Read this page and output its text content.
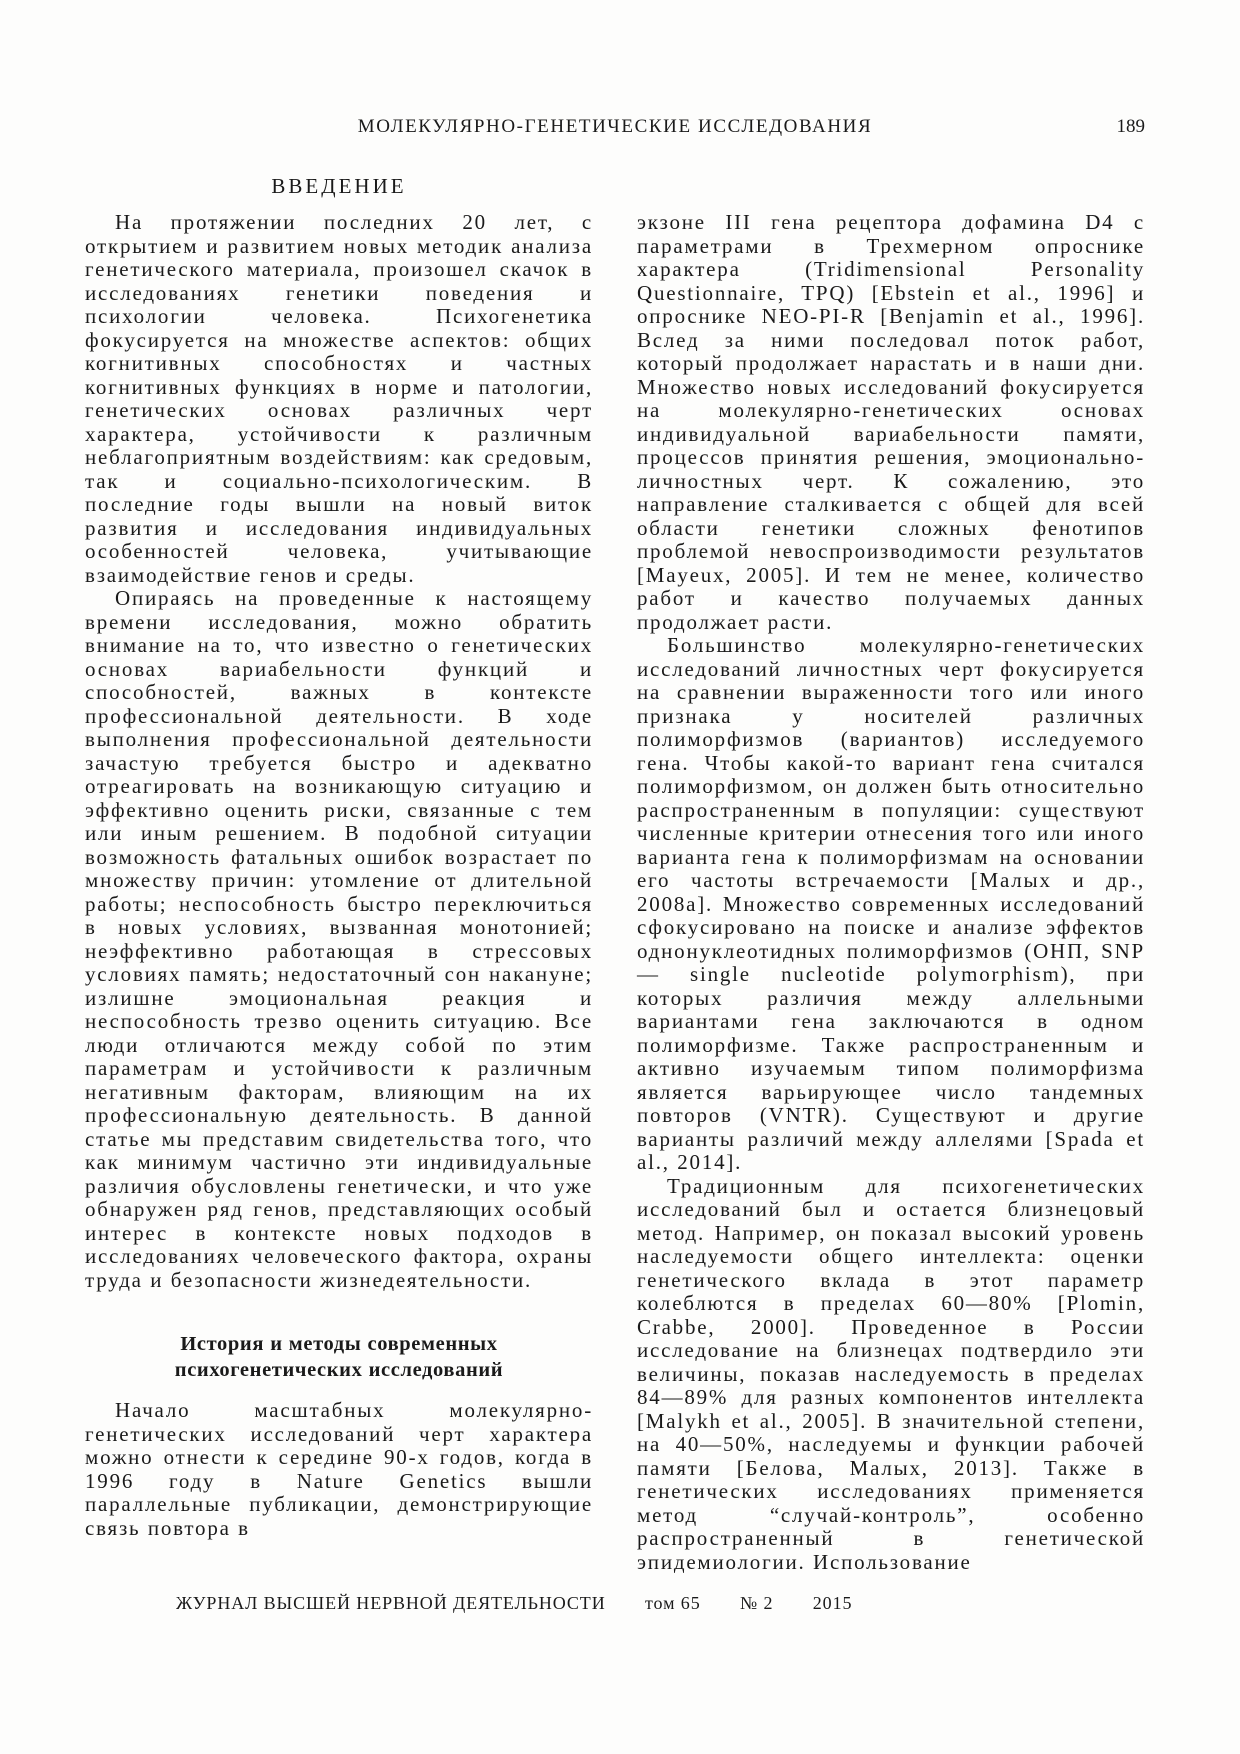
МОЛЕКУЛЯРНО-ГЕНЕТИЧЕСКИЕ ИССЛЕДОВАНИЯ	189
ВВЕДЕНИЕ

На протяжении последних 20 лет, с открытием и развитием новых методик анализа генетического материала, произошел скачок в исследованиях генетики поведения и психологии человека. Психогенетика фокусируется на множестве аспектов: общих когнитивных способностях и частных когнитивных функциях в норме и патологии, генетических основах различных черт характера, устойчивости к различным неблагоприятным воздействиям: как средовым, так и социально-психологическим. В последние годы вышли на новый виток развития и исследования индивидуальных особенностей человека, учитывающие взаимодействие генов и среды.

Опираясь на проведенные к настоящему времени исследования, можно обратить внимание на то, что известно о генетических основах вариабельности функций и способностей, важных в контексте профессиональной деятельности. В ходе выполнения профессиональной деятельности зачастую требуется быстро и адекватно отреагировать на возникающую ситуацию и эффективно оценить риски, связанные с тем или иным решением. В подобной ситуации возможность фатальных ошибок возрастает по множеству причин: утомление от длительной работы; неспособность быстро переключиться в новых условиях, вызванная монотонией; неэффективно работающая в стрессовых условиях память; недостаточный сон накануне; излишне эмоциональная реакция и неспособность трезво оценить ситуацию. Все люди отличаются между собой по этим параметрам и устойчивости к различным негативным факторам, влияющим на их профессиональную деятельность. В данной статье мы представим свидетельства того, что как минимум частично эти индивидуальные различия обусловлены генетически, и что уже обнаружен ряд генов, представляющих особый интерес в контексте новых подходов в исследованиях человеческого фактора, охраны труда и безопасности жизнедеятельности.

История и методы современных
психогенетических исследований

Начало масштабных молекулярно-генетических исследований черт характера можно отнести к середине 90-х годов, когда в 1996 году в Nature Genetics вышли параллельные публикации, демонстрирующие связь повтора в

экзоне III гена рецептора дофамина D4 с параметрами в Трехмерном опроснике характера (Tridimensional Personality Questionnaire, TPQ) [Ebstein et al., 1996] и опроснике NEO-PI-R [Benjamin et al., 1996]. Вслед за ними последовал поток работ, который продолжает нарастать и в наши дни. Множество новых исследований фокусируется на молекулярно-генетических основах индивидуальной вариабельности памяти, процессов принятия решения, эмоционально-личностных черт. К сожалению, это направление сталкивается с общей для всей области генетики сложных фенотипов проблемой невоспроизводимости результатов [Mayeux, 2005]. И тем не менее, количество работ и качество получаемых данных продолжает расти.

Большинство молекулярно-генетических исследований личностных черт фокусируется на сравнении выраженности того или иного признака у носителей различных полиморфизмов (вариантов) исследуемого гена. Чтобы какой-то вариант гена считался полиморфизмом, он должен быть относительно распространенным в популяции: существуют численные критерии отнесения того или иного варианта гена к полиморфизмам на основании его частоты встречаемости [Малых и др., 2008а]. Множество современных исследований сфокусировано на поиске и анализе эффектов однонуклеотидных полиморфизмов (ОНП, SNP — single nucleotide polymorphism), при которых различия между аллельными вариантами гена заключаются в одном полиморфизме. Также распространенным и активно изучаемым типом полиморфизма является варьирующее число тандемных повторов (VNTR). Существуют и другие варианты различий между аллелями [Spada et al., 2014].

Традиционным для психогенетических исследований был и остается близнецовый метод. Например, он показал высокий уровень наследуемости общего интеллекта: оценки генетического вклада в этот параметр колеблются в пределах 60—80% [Plomin, Crabbe, 2000]. Проведенное в России исследование на близнецах подтвердило эти величины, показав наследуемость в пределах 84—89% для разных компонентов интеллекта [Malykh et al., 2005]. В значительной степени, на 40—50%, наследуемы и функции рабочей памяти [Белова, Малых, 2013]. Также в генетических исследованиях применяется метод “случай-контроль”, особенно распространенный в генетической эпидемиологии. Использование

ЖУРНАЛ ВЫСШЕЙ НЕРВНОЙ ДЕЯТЕЛЬНОСТИ том 65 № 2 2015
